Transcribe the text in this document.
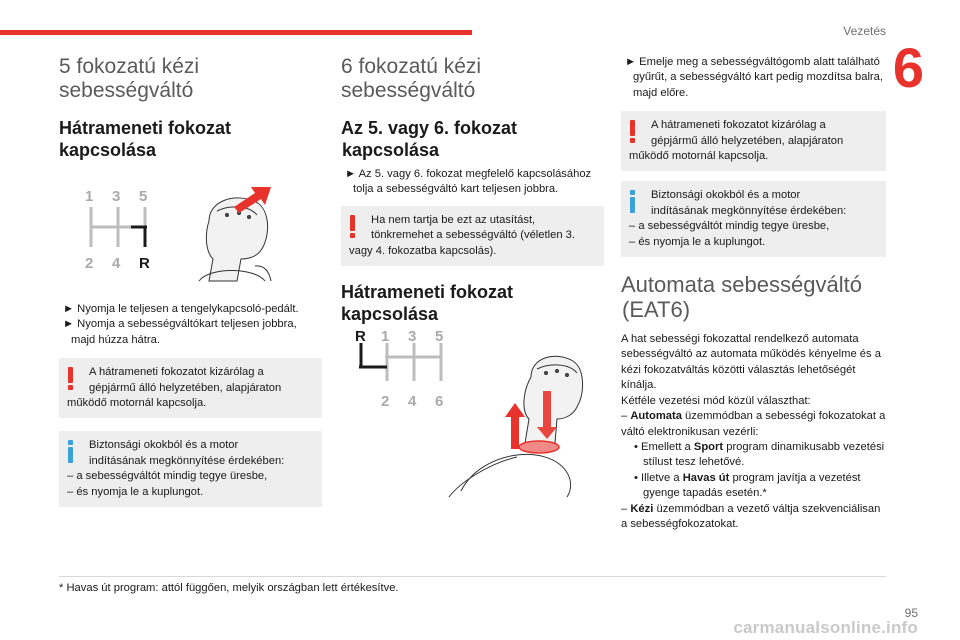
Vezetés
6
5 fokozatú kézi
sebességváltó
Hátrameneti fokozat
kapcsolása
1 3 5
2 4 R

► Nyomja le teljesen a tengelykapcsoló-pedált.

► Nyomja a sebességváltókart teljesen jobbra, majd húzza hátra.

A hátrameneti fokozatot kizárólag a

gépjármű álló helyzetében, alapjáraton

működő motornál kapcsolja.

Biztonsági okokból és a motor

indításának megkönnyítése érdekében:

– a sebességváltót mindig tegye üresbe,

– és nyomja le a kuplungot.

6 fokozatú kézi
sebességváltó
Az 5. vagy 6. fokozat
kapcsolása

► Az 5. vagy 6. fokozat megfelelő kapcsolásához tolja a sebességváltó kart teljesen jobbra.

Ha nem tartja be ezt az utasítást,

tönkremehet a sebességváltó (véletlen 3.

vagy 4. fokozatba kapcsolás).

Hátrameneti fokozat
kapcsolása
R 1 3 5
2 4 6

► Emelje meg a sebességváltógomb alatt található gyűrűt, a sebességváltó kart pedig mozdítsa balra, majd előre.

A hátrameneti fokozatot kizárólag a

gépjármű álló helyzetében, alapjáraton

működő motornál kapcsolja.

Biztonsági okokból és a motor

indításának megkönnyítése érdekében:

– a sebességváltót mindig tegye üresbe,

– és nyomja le a kuplungot.

Automata sebességváltó
(EAT6)

A hat sebességi fokozattal rendelkező automata sebességváltó az automata működés kényelme és a kézi fokozatváltás közötti választás lehetőségét kínálja.

Kétféle vezetési mód közül választhat:

– Automata üzemmódban a sebességi fokozatokat a váltó elektronikusan vezérli:

• Emellett a Sport program dinamikusabb vezetési stílust tesz lehetővé.

• Illetve a Havas út program javítja a vezetést gyenge tapadás esetén.*

– Kézi üzemmódban a vezető váltja szekvenciálisan a sebességfokozatokat.

* Havas út program: attól függően, melyik országban lett értékesítve.
95
carmanualsonline.info
